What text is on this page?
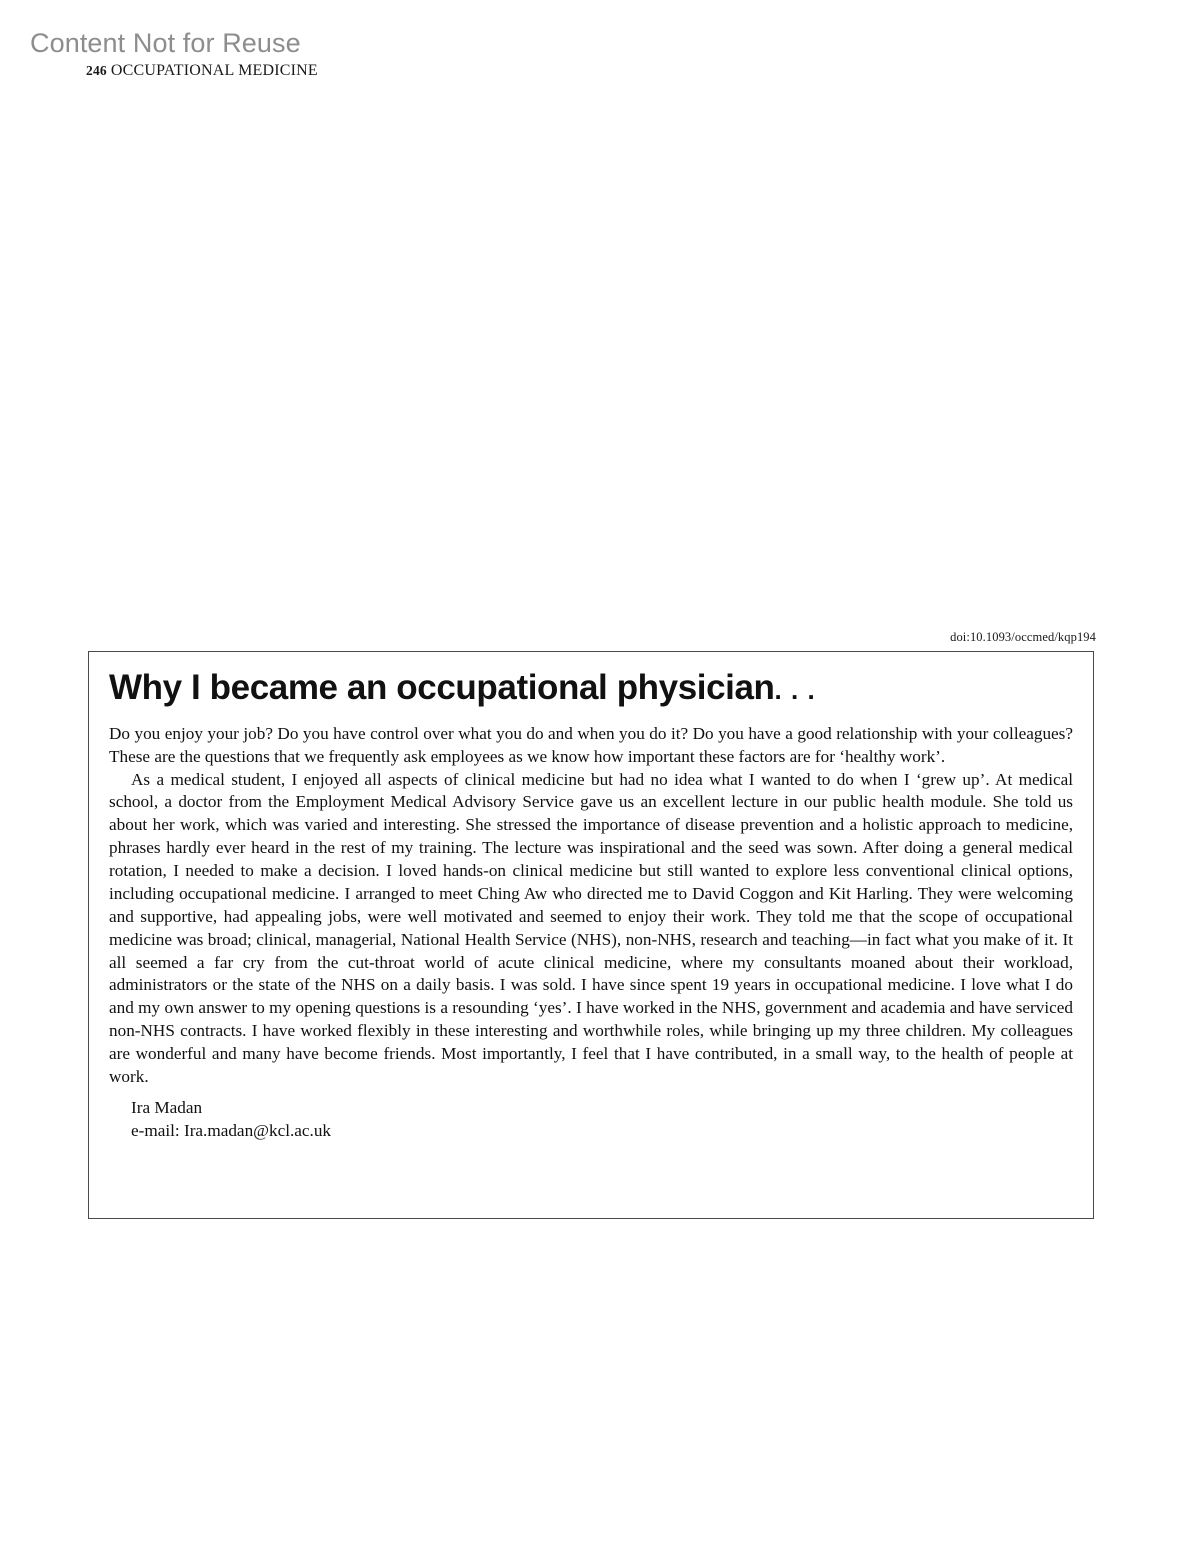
Content Not for Reuse
246 OCCUPATIONAL MEDICINE
doi:10.1093/occmed/kqp194
Why I became an occupational physician. . .

Do you enjoy your job? Do you have control over what you do and when you do it? Do you have a good relationship with your colleagues? These are the questions that we frequently ask employees as we know how important these factors are for ‘healthy work’.

As a medical student, I enjoyed all aspects of clinical medicine but had no idea what I wanted to do when I ‘grew up’. At medical school, a doctor from the Employment Medical Advisory Service gave us an excellent lecture in our public health module. She told us about her work, which was varied and interesting. She stressed the importance of disease prevention and a holistic approach to medicine, phrases hardly ever heard in the rest of my training. The lecture was inspirational and the seed was sown. After doing a general medical rotation, I needed to make a decision. I loved hands-on clinical medicine but still wanted to explore less conventional clinical options, including occupational medicine. I arranged to meet Ching Aw who directed me to David Coggon and Kit Harling. They were welcoming and supportive, had appealing jobs, were well motivated and seemed to enjoy their work. They told me that the scope of occupational medicine was broad; clinical, managerial, National Health Service (NHS), non-NHS, research and teaching—in fact what you make of it. It all seemed a far cry from the cut-throat world of acute clinical medicine, where my consultants moaned about their workload, administrators or the state of the NHS on a daily basis. I was sold. I have since spent 19 years in occupational medicine. I love what I do and my own answer to my opening questions is a resounding ‘yes’. I have worked in the NHS, government and academia and have serviced non-NHS contracts. I have worked flexibly in these interesting and worthwhile roles, while bringing up my three children. My colleagues are wonderful and many have become friends. Most importantly, I feel that I have contributed, in a small way, to the health of people at work.

Ira Madan
e-mail: Ira.madan@kcl.ac.uk
